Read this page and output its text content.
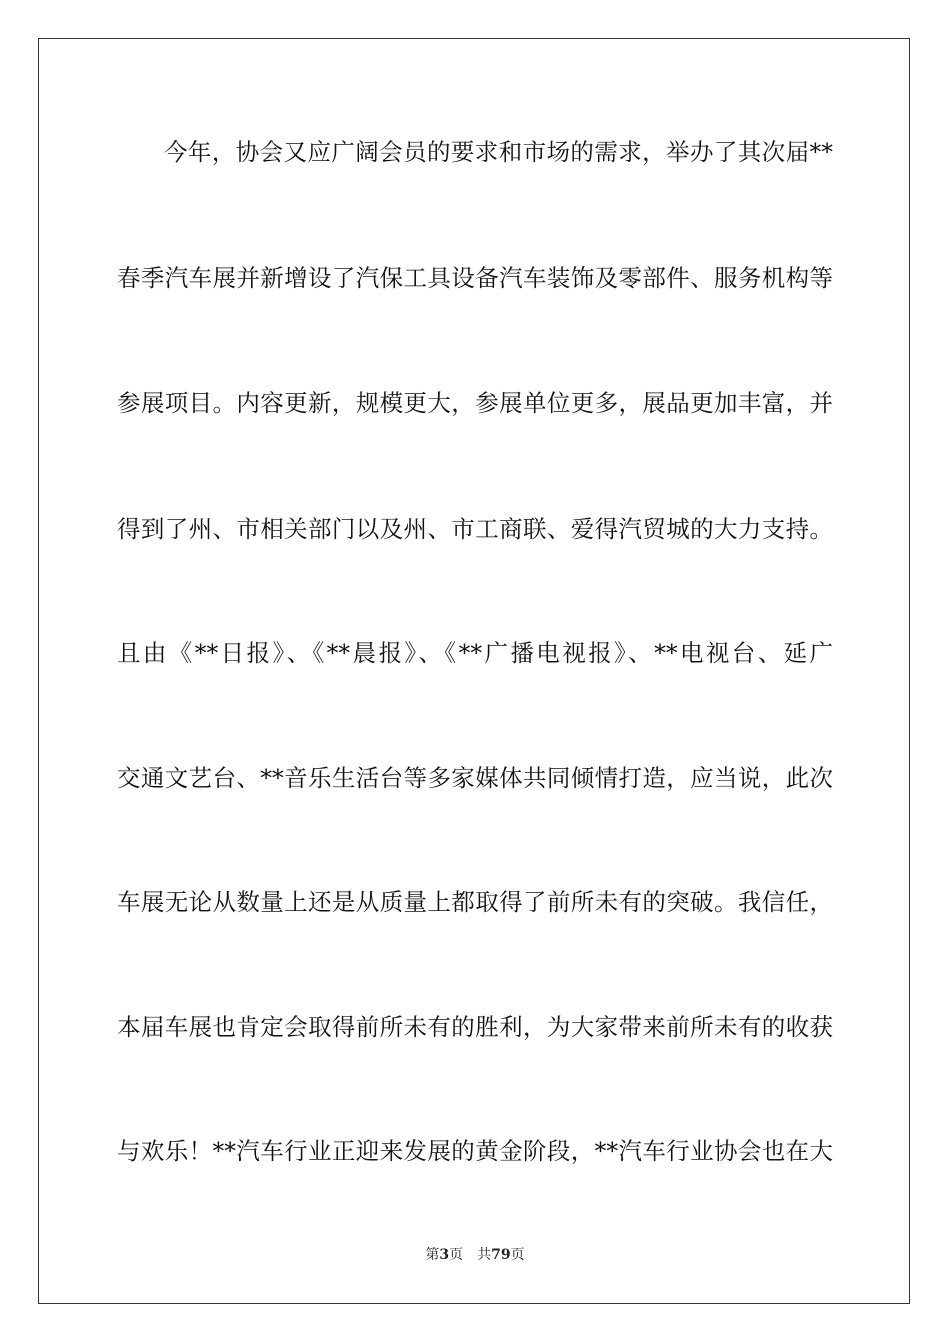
今年，协会又应广阔会员的要求和市场的需求，举办了其次届**
春季汽车展并新增设了汽保工具设备汽车装饰及零部件、服务机构等
参展项目。内容更新，规模更大，参展单位更多，展品更加丰富，并
得到了州、市相关部门以及州、市工商联、爱得汽贸城的大力支持。
且由《**日报》、《**晨报》、《**广播电视报》、**电视台、延广
交通文艺台、**音乐生活台等多家媒体共同倾情打造，应当说，此次
车展无论从数量上还是从质量上都取得了前所未有的突破。我信任，
本届车展也肯定会取得前所未有的胜利，为大家带来前所未有的收获
与欢乐！**汽车行业正迎来发展的黄金阶段，**汽车行业协会也在大
第3页 共79页
